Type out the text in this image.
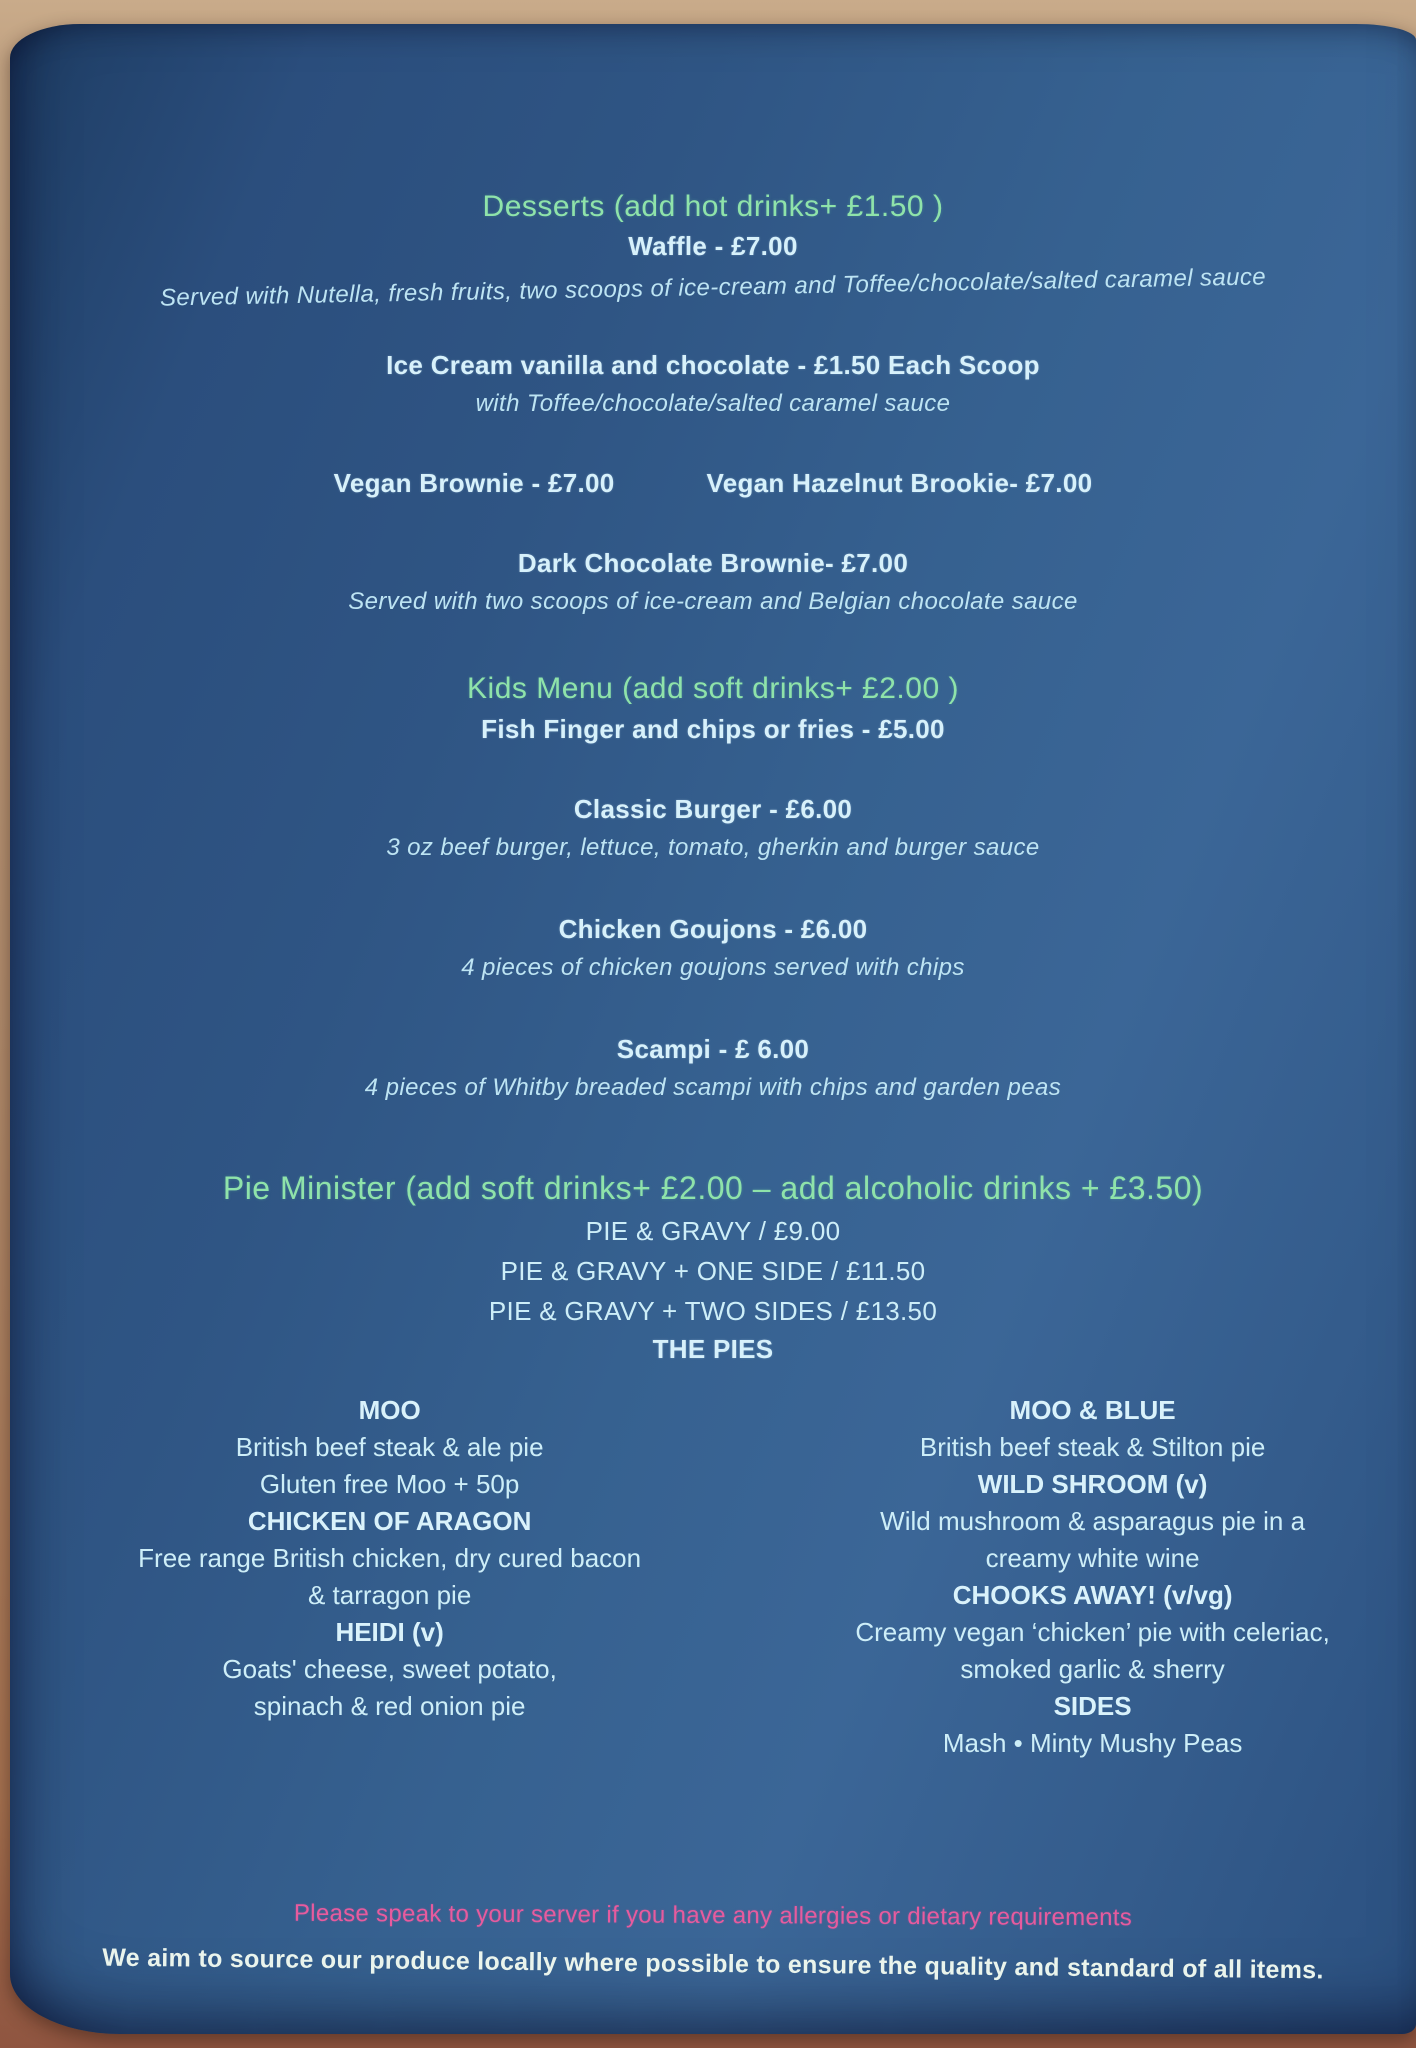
Desserts (add hot drinks+ £1.50 )
Waffle - £7.00
Served with Nutella, fresh fruits, two scoops of ice-cream and Toffee/chocolate/salted caramel sauce
Ice Cream vanilla and chocolate - £1.50 Each Scoop
with Toffee/chocolate/salted caramel sauce
Vegan Brownie - £7.00	Vegan Hazelnut Brookie- £7.00
Dark Chocolate Brownie- £7.00
Served with two scoops of ice-cream and Belgian chocolate sauce
Kids Menu (add soft drinks+ £2.00 )
Fish Finger and chips or fries - £5.00
Classic Burger - £6.00
3 oz beef burger, lettuce, tomato, gherkin and burger sauce
Chicken Goujons - £6.00
4 pieces of chicken goujons served with chips
Scampi - £ 6.00
4 pieces of Whitby breaded scampi with chips and garden peas
Pie Minister (add soft drinks+ £2.00 – add alcoholic drinks + £3.50)
PIE & GRAVY / £9.00
PIE & GRAVY + ONE SIDE / £11.50
PIE & GRAVY + TWO SIDES / £13.50
THE PIES
MOO
British beef steak & ale pie
Gluten free Moo + 50p
CHICKEN OF ARAGON
Free range British chicken, dry cured bacon
& tarragon pie
HEIDI (v)
Goats' cheese, sweet potato,
spinach & red onion pie
MOO & BLUE
British beef steak & Stilton pie
WILD SHROOM (v)
Wild mushroom & asparagus pie in a
creamy white wine
CHOOKS AWAY! (v/vg)
Creamy vegan ‘chicken’ pie with celeriac,
smoked garlic & sherry
SIDES
Mash • Minty Mushy Peas
Please speak to your server if you have any allergies or dietary requirements
We aim to source our produce locally where possible to ensure the quality and standard of all items.
